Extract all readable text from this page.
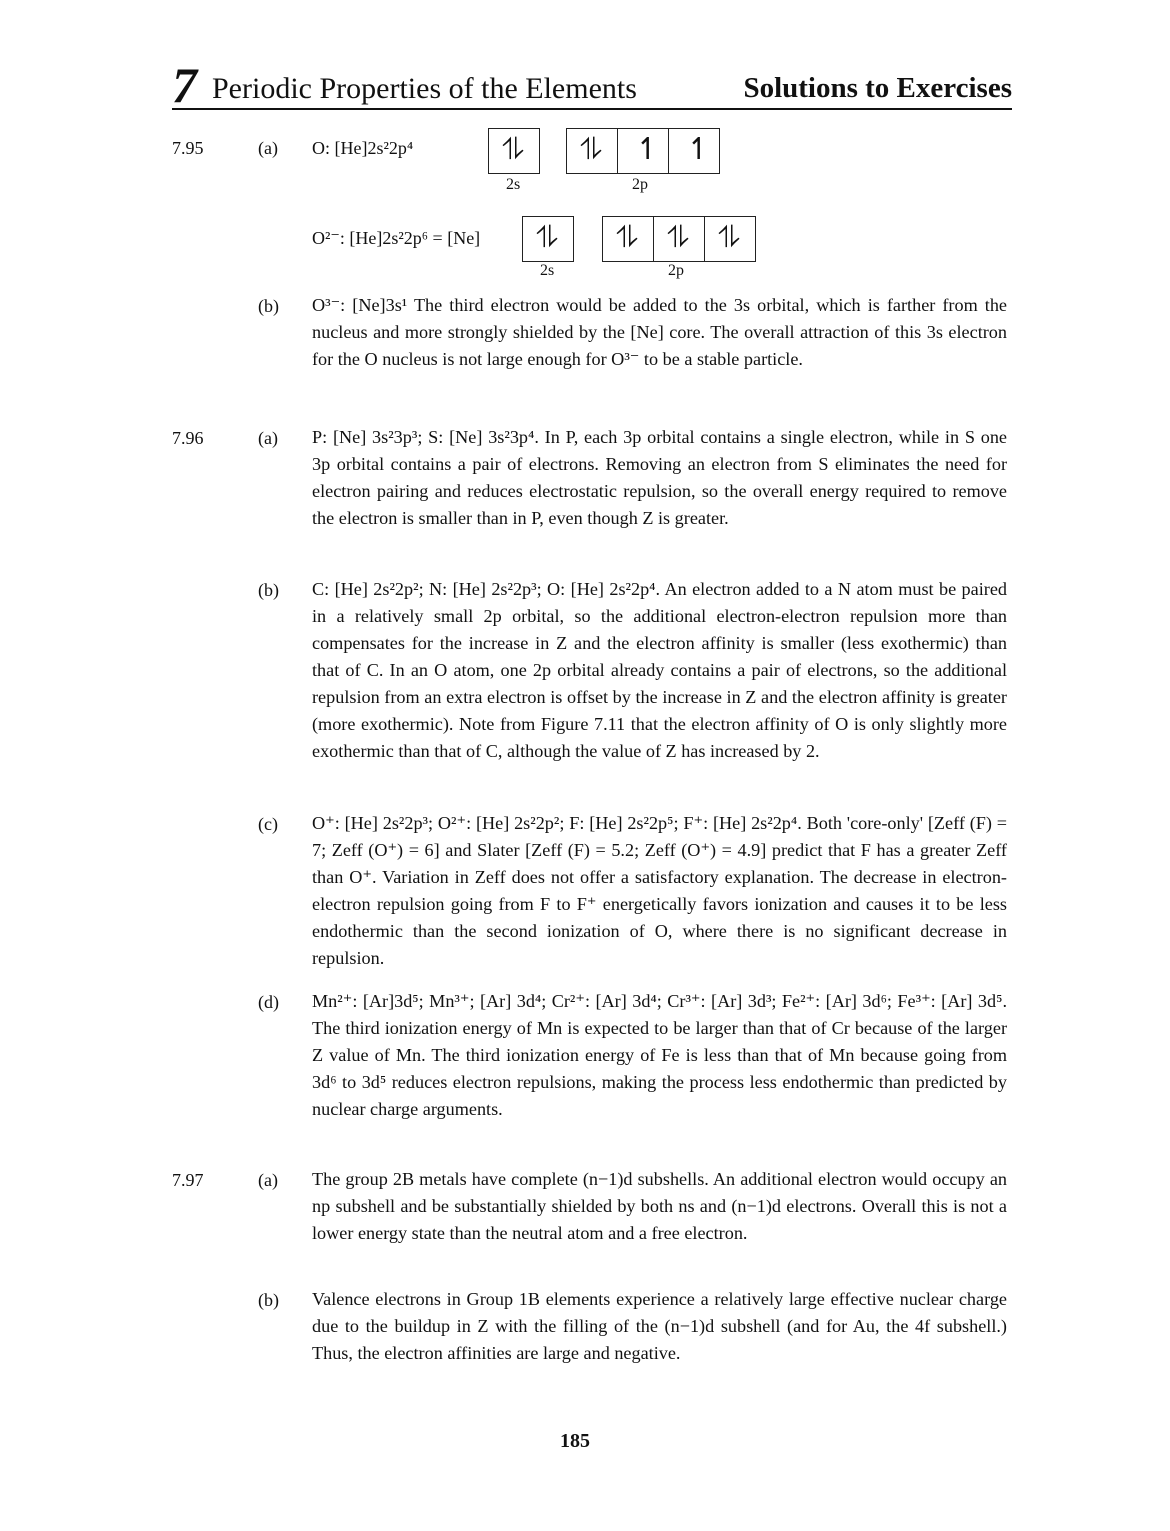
7 Periodic Properties of the Elements	Solutions to Exercises
7.95	(a) O: [He]2s²2p⁴	⥮ ⥮ ↿ ↿
2s	2p
O²⁻: [He]2s²2p⁶ = [Ne] ⥮ ⥮ ⥮ ⥮
2s	2p
(b) O³⁻: [Ne]3s¹ The third electron would be added to the 3s orbital, which is farther from the nucleus and more strongly shielded by the [Ne] core. The overall attraction of this 3s electron for the O nucleus is not large enough for O³⁻ to be a stable particle.

7.96	(a) P: [Ne] 3s²3p³; S: [Ne] 3s²3p⁴. In P, each 3p orbital contains a single electron, while in S one 3p orbital contains a pair of electrons. Removing an electron from S eliminates the need for electron pairing and reduces electrostatic repulsion, so the overall energy required to remove the electron is smaller than in P, even though Z is greater.

(b) C: [He] 2s²2p²; N: [He] 2s²2p³; O: [He] 2s²2p⁴. An electron added to a N atom must be paired in a relatively small 2p orbital, so the additional electron-electron repulsion more than compensates for the increase in Z and the electron affinity is smaller (less exothermic) than that of C. In an O atom, one 2p orbital already contains a pair of electrons, so the additional repulsion from an extra electron is offset by the increase in Z and the electron affinity is greater (more exothermic). Note from Figure 7.11 that the electron affinity of O is only slightly more exothermic than that of C, although the value of Z has increased by 2.

(c) O⁺: [He] 2s²2p³; O²⁺: [He] 2s²2p²; F: [He] 2s²2p⁵; F⁺: [He] 2s²2p⁴. Both 'core-only' [Zeff (F) = 7; Zeff (O⁺) = 6] and Slater [Zeff (F) = 5.2; Zeff (O⁺) = 4.9] predict that F has a greater Zeff than O⁺. Variation in Zeff does not offer a satisfactory explanation. The decrease in electron-electron repulsion going from F to F⁺ energetically favors ionization and causes it to be less endothermic than the second ionization of O, where there is no significant decrease in repulsion.

(d) Mn²⁺: [Ar]3d⁵; Mn³⁺; [Ar] 3d⁴; Cr²⁺: [Ar] 3d⁴; Cr³⁺: [Ar] 3d³; Fe²⁺: [Ar] 3d⁶; Fe³⁺: [Ar] 3d⁵. The third ionization energy of Mn is expected to be larger than that of Cr because of the larger Z value of Mn. The third ionization energy of Fe is less than that of Mn because going from 3d⁶ to 3d⁵ reduces electron repulsions, making the process less endothermic than predicted by nuclear charge arguments.

7.97	(a) The group 2B metals have complete (n−1)d subshells. An additional electron would occupy an np subshell and be substantially shielded by both ns and (n−1)d electrons. Overall this is not a lower energy state than the neutral atom and a free electron.

(b) Valence electrons in Group 1B elements experience a relatively large effective nuclear charge due to the buildup in Z with the filling of the (n−1)d subshell (and for Au, the 4f subshell.) Thus, the electron affinities are large and negative.

185
